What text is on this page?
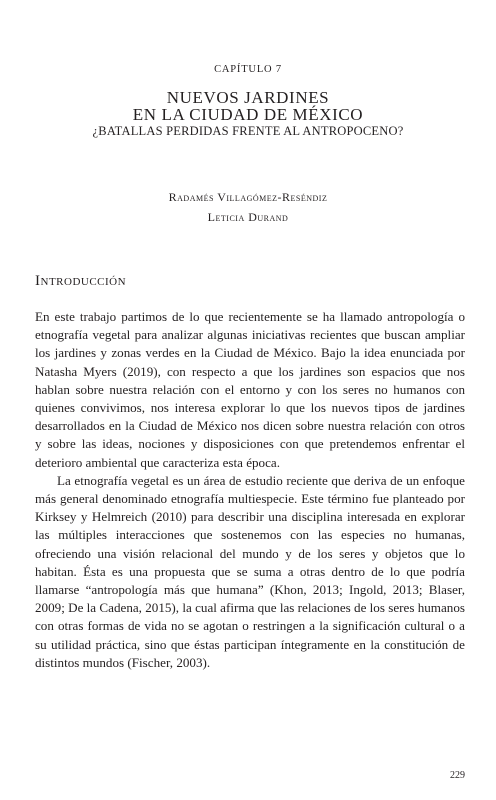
CAPÍTULO 7
NUEVOS JARDINES
EN LA CIUDAD DE MÉXICO
¿BATALLAS PERDIDAS FRENTE AL ANTROPOCENO?
Radamés Villagómez-Reséndiz
Leticia Durand
Introducción

En este trabajo partimos de lo que recientemente se ha llamado antropología o etnografía vegetal para analizar algunas iniciativas recientes que buscan ampliar los jardines y zonas verdes en la Ciudad de México. Bajo la idea enunciada por Natasha Myers (2019), con respecto a que los jardines son espacios que nos hablan sobre nuestra relación con el entorno y con los seres no humanos con quienes convivimos, nos interesa explorar lo que los nuevos tipos de jardines desarrollados en la Ciudad de México nos dicen sobre nuestra relación con otros y sobre las ideas, nociones y disposiciones con que pretendemos enfrentar el deterioro ambiental que caracteriza esta época.

La etnografía vegetal es un área de estudio reciente que deriva de un enfoque más general denominado etnografía multiespecie. Este término fue planteado por Kirksey y Helmreich (2010) para describir una disciplina interesada en explorar las múltiples interacciones que sostenemos con las especies no humanas, ofreciendo una visión relacional del mundo y de los seres y objetos que lo habitan. Ésta es una propuesta que se suma a otras dentro de lo que podría llamarse “antropología más que humana” (Khon, 2013; Ingold, 2013; Blaser, 2009; De la Cadena, 2015), la cual afirma que las relaciones de los seres humanos con otras formas de vida no se agotan o restringen a la significación cultural o a su utilidad práctica, sino que éstas participan íntegramente en la constitución de distintos mundos (Fischer, 2003).

229
